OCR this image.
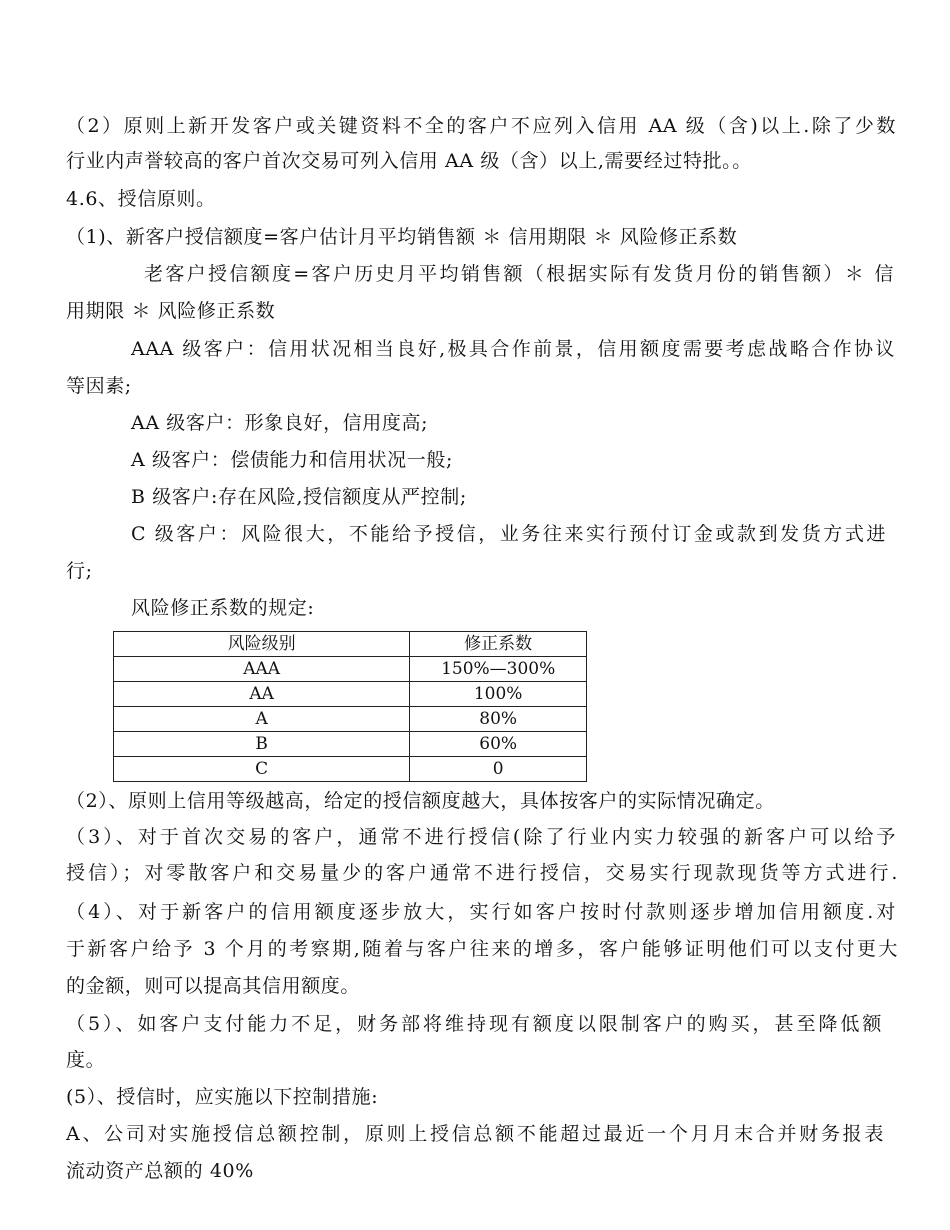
（2）原则上新开发客户或关键资料不全的客户不应列入信用 AA 级（含)以上.除了少数
行业内声誉较高的客户首次交易可列入信用 AA 级（含）以上,需要经过特批。。
4.6、授信原则。
（1)、新客户授信额度=客户估计月平均销售额 ＊ 信用期限 ＊ 风险修正系数
老客户授信额度=客户历史月平均销售额（根据实际有发货月份的销售额）＊ 信
用期限 ＊ 风险修正系数
AAA 级客户：信用状况相当良好,极具合作前景，信用额度需要考虑战略合作协议
等因素;
AA 级客户：形象良好，信用度高;
A 级客户：偿债能力和信用状况一般;
B 级客户:存在风险,授信额度从严控制;
C 级客户：风险很大，不能给予授信，业务往来实行预付订金或款到发货方式进
行;
风险修正系数的规定:
风险级别	修正系数
AAA	150%—300%
AA	100%
A	80%
B	60%
C	0
（2）、原则上信用等级越高，给定的授信额度越大，具体按客户的实际情况确定。
（3）、对于首次交易的客户，通常不进行授信(除了行业内实力较强的新客户可以给予
授信）；对零散客户和交易量少的客户通常不进行授信，交易实行现款现货等方式进行.
（4）、对于新客户的信用额度逐步放大，实行如客户按时付款则逐步增加信用额度.对
于新客户给予 3 个月的考察期,随着与客户往来的增多，客户能够证明他们可以支付更大
的金额，则可以提高其信用额度。
（5）、如客户支付能力不足，财务部将维持现有额度以限制客户的购买，甚至降低额
度。
(5）、授信时，应实施以下控制措施:
A、公司对实施授信总额控制，原则上授信总额不能超过最近一个月月末合并财务报表
流动资产总额的 40%
